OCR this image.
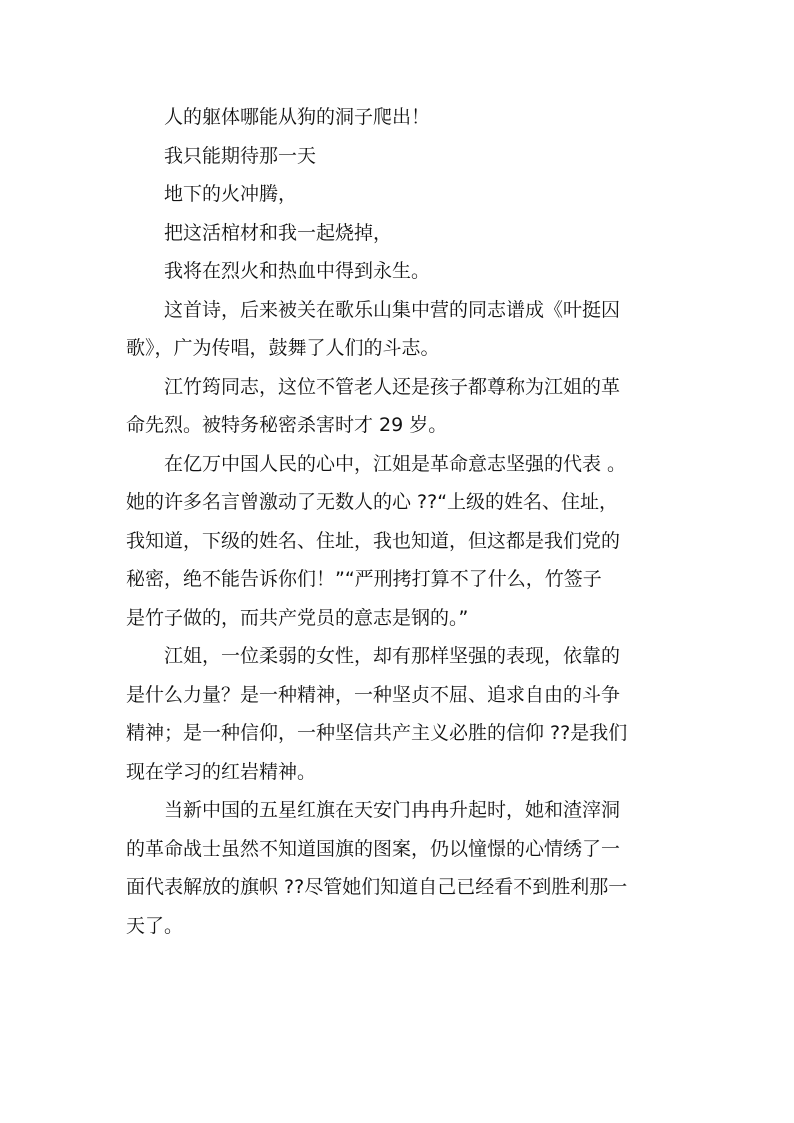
人的躯体哪能从狗的洞子爬出！
我只能期待那一天
地下的火冲腾，
把这活棺材和我一起烧掉，
我将在烈火和热血中得到永生。
这首诗，后来被关在歌乐山集中营的同志谱成《叶挺囚
歌》，广为传唱，鼓舞了人们的斗志。
江竹筠同志，这位不管老人还是孩子都尊称为江姐的革
命先烈。被特务秘密杀害时才 29 岁。
在亿万中国人民的心中，江姐是革命意志坚强的代表 。
她的许多名言曾激动了无数人的心 ??“上级的姓名、住址，
我知道，下级的姓名、住址，我也知道，但这都是我们党的
秘密，绝不能告诉你们！”“严刑拷打算不了什么，竹签子
是竹子做的，而共产党员的意志是钢的。”
江姐，一位柔弱的女性，却有那样坚强的表现，依靠的
是什么力量？是一种精神，一种坚贞不屈、追求自由的斗争
精神；是一种信仰，一种坚信共产主义必胜的信仰 ??是我们
现在学习的红岩精神。
当新中国的五星红旗在天安门冉冉升起时，她和渣滓洞
的革命战士虽然不知道国旗的图案，仍以憧憬的心情绣了一
面代表解放的旗帜 ??尽管她们知道自己已经看不到胜利那一
天了。
